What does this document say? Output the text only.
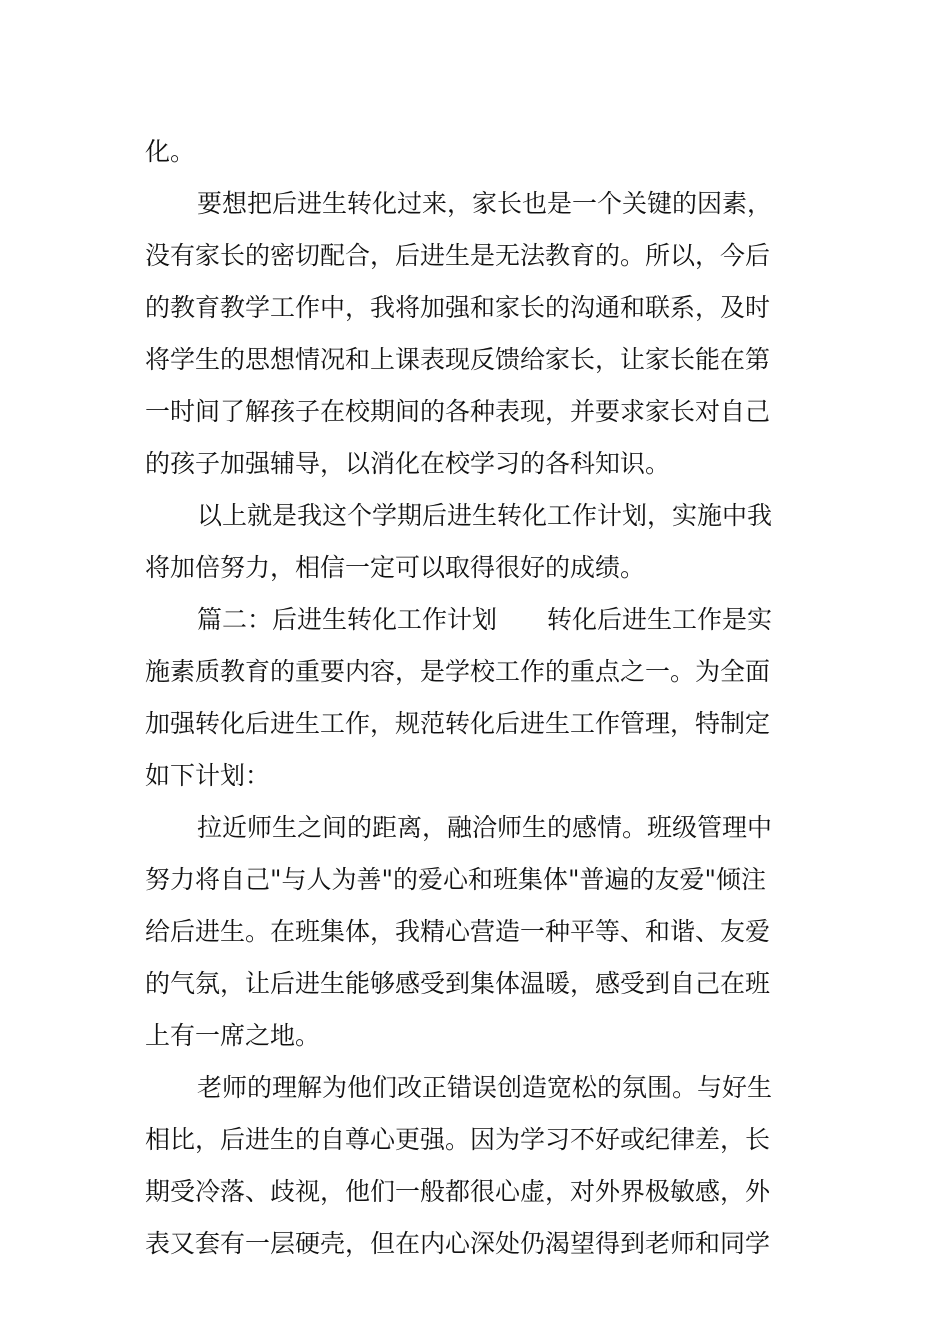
化。
要想把后进生转化过来，家长也是一个关键的因素，
没有家长的密切配合，后进生是无法教育的。所以，今后
的教育教学工作中，我将加强和家长的沟通和联系，及时
将学生的思想情况和上课表现反馈给家长，让家长能在第
一时间了解孩子在校期间的各种表现，并要求家长对自己
的孩子加强辅导，以消化在校学习的各科知识。
以上就是我这个学期后进生转化工作计划，实施中我
将加倍努力，相信一定可以取得很好的成绩。
篇二：后进生转化工作计划　　转化后进生工作是实
施素质教育的重要内容，是学校工作的重点之一。为全面
加强转化后进生工作，规范转化后进生工作管理，特制定
如下计划：
拉近师生之间的距离，融洽师生的感情。班级管理中
努力将自己"与人为善"的爱心和班集体"普遍的友爱"倾注
给后进生。在班集体，我精心营造一种平等、和谐、友爱
的气氛，让后进生能够感受到集体温暖，感受到自己在班
上有一席之地。
老师的理解为他们改正错误创造宽松的氛围。与好生
相比，后进生的自尊心更强。因为学习不好或纪律差，长
期受冷落、歧视，他们一般都很心虚，对外界极敏感，外
表又套有一层硬壳，但在内心深处仍渴望得到老师和同学
